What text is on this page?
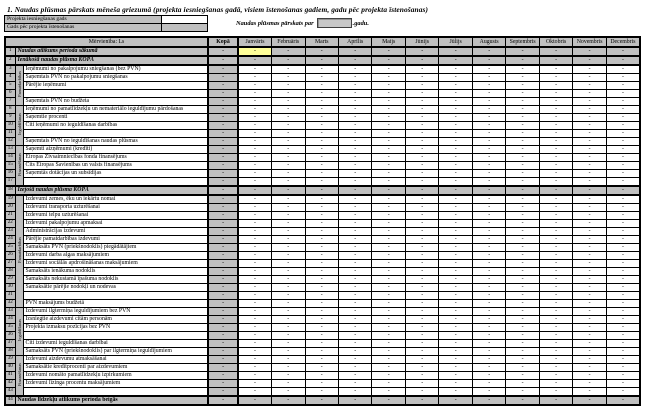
1. Naudas plūsmas pārskats mēneša griezumā (projekta iesniegšanas gadā, visiem īstenošanas gadiem, gadu pēc projekta īstenošanas)
Projekta iesniegšanas gads
Gads pēc projekta īstenošanas
Naudas plūsmas pārskats par	.gadu.
Mērvienība: Ls			Kopā	Janvāris	Februāris	Marts	Aprīlis	Maijs	Jūnijs	Jūlijs	Augusts	Septembris	Oktobris	Novembris	Decembris
1	Naudas atlikums perioda sākumā		-	-	-	-	-	-	-	-	-	-	-	-	-
2	Ienākošā naudas plūsma KOPĀ		-	-	-	-	-	-	-	-	-	-	-	-	-
3	Pamatdarbības	Ieņēmumi no pakalpojumu sniegšanas (bez PVN)	-	-	-	-	-	-	-	-	-	-	-	-	-
4		Saņemtais PVN no pakalpojumu sniegšanas	-	-	-	-	-	-	-	-	-	-	-	-	-
5		Pārējie ieņēmumi	-	-	-	-	-	-	-	-	-	-	-	-	-
6			-	-	-	-	-	-	-	-	-	-	-	-	-
7		Saņemtais PVN no budžeta	-	-	-	-	-	-	-	-	-	-	-	-	-
8	Ieguldīšanas	Ieņēmumi no pamatlīdzekļu un nemateriālo ieguldījumu pārdošanas	-	-	-	-	-	-	-	-	-	-	-	-	-
9		Saņemtie procenti	-	-	-	-	-	-	-	-	-	-	-	-	-
10		Citi ieņēmumi no ieguldīšanas darbības	-	-	-	-	-	-	-	-	-	-	-	-	-
11			-	-	-	-	-	-	-	-	-	-	-	-	-
12		Saņemtais PVN no ieguldīšanas naudas plūsmas	-	-	-	-	-	-	-	-	-	-	-	-	-
13	Finansēšanas	Saņemti aizņēmumi (kredīti)	-	-	-	-	-	-	-	-	-	-	-	-	-
14		Eiropas Zivsaimniecības fonda finansējums	-	-	-	-	-	-	-	-	-	-	-	-	-
15		Cits Eiropas Savienības un valsts finansējums	-	-	-	-	-	-	-	-	-	-	-	-	-
16		Saņemtās dotācijas un subsīdijas	-	-	-	-	-	-	-	-	-	-	-	-	-
17			-	-	-	-	-	-	-	-	-	-	-	-	-
18	Izejošā naudas plūsma KOPĀ		-	-	-	-	-	-	-	-	-	-	-	-	-
19	Pamatdarbības	Izdevumi zemes, ēku un iekārtu nomai	-	-	-	-	-	-	-	-	-	-	-	-	-
20		Izdevumi transporta uzturēšanai	-	-	-	-	-	-	-	-	-	-	-	-	-
21		Izdevumi telpu uzturēšanai	-	-	-	-	-	-	-	-	-	-	-	-	-
22		Izdevumi pakalpojumu apmaksai	-	-	-	-	-	-	-	-	-	-	-	-	-
23		Administrācijas izdevumi	-	-	-	-	-	-	-	-	-	-	-	-	-
24		Pārējie pamatdarbības izdevumi	-	-	-	-	-	-	-	-	-	-	-	-	-
25		Samaksāts PVN (priekšnodoklis) piegādātājiem	-	-	-	-	-	-	-	-	-	-	-	-	-
26		Izdevumi darba algas maksājumiem	-	-	-	-	-	-	-	-	-	-	-	-	-
27		Izdevumi sociālās apdrošināšanas maksājumiem	-	-	-	-	-	-	-	-	-	-	-	-	-
28		Samaksāts ienākuma nodoklis	-	-	-	-	-	-	-	-	-	-	-	-	-
29		Samaksāts nekustamā īpašuma nodoklis	-	-	-	-	-	-	-	-	-	-	-	-	-
30		Samaksātie pārējie nodokļi un nodevas	-	-	-	-	-	-	-	-	-	-	-	-	-
31			-	-	-	-	-	-	-	-	-	-	-	-	-
32		PVN maksājums budžetā	-	-	-	-	-	-	-	-	-	-	-	-	-
33	Ieguldīšanas	Izdevumi ilgtermiņa ieguldījumiem bez PVN	-	-	-	-	-	-	-	-	-	-	-	-	-
34		Izsniegtie aizdevumi citām personām	-	-	-	-	-	-	-	-	-	-	-	-	-
35		Projekta izmaksu pozīcijas bez PVN	-	-	-	-	-	-	-	-	-	-	-	-	-
36			-	-	-	-	-	-	-	-	-	-	-	-	-
37		Citi izdevumi ieguldīšanas darbībai	-	-	-	-	-	-	-	-	-	-	-	-	-
38		Samaksāts PVN (priekšnodoklis) par ilgtermiņa ieguldījumiem	-	-	-	-	-	-	-	-	-	-	-	-	-
39	Finansēšanas	Izdevumi aizdevumu atmaksāšanai	-	-	-	-	-	-	-	-	-	-	-	-	-
40		Samaksātie kredītprocenti par aizdevumiem	-	-	-	-	-	-	-	-	-	-	-	-	-
41		Izdevumi nomāto pamatlīdzekļu izpirkumiem	-	-	-	-	-	-	-	-	-	-	-	-	-
42		Izdevumi līzinga procentu maksājumiem	-	-	-	-	-	-	-	-	-	-	-	-	-
43			-	-	-	-	-	-	-	-	-	-	-	-	-
44	Naudas līdzekļu atlikums perioda beigās		-	-	-	-	-	-	-	-	-	-	-	-	-
